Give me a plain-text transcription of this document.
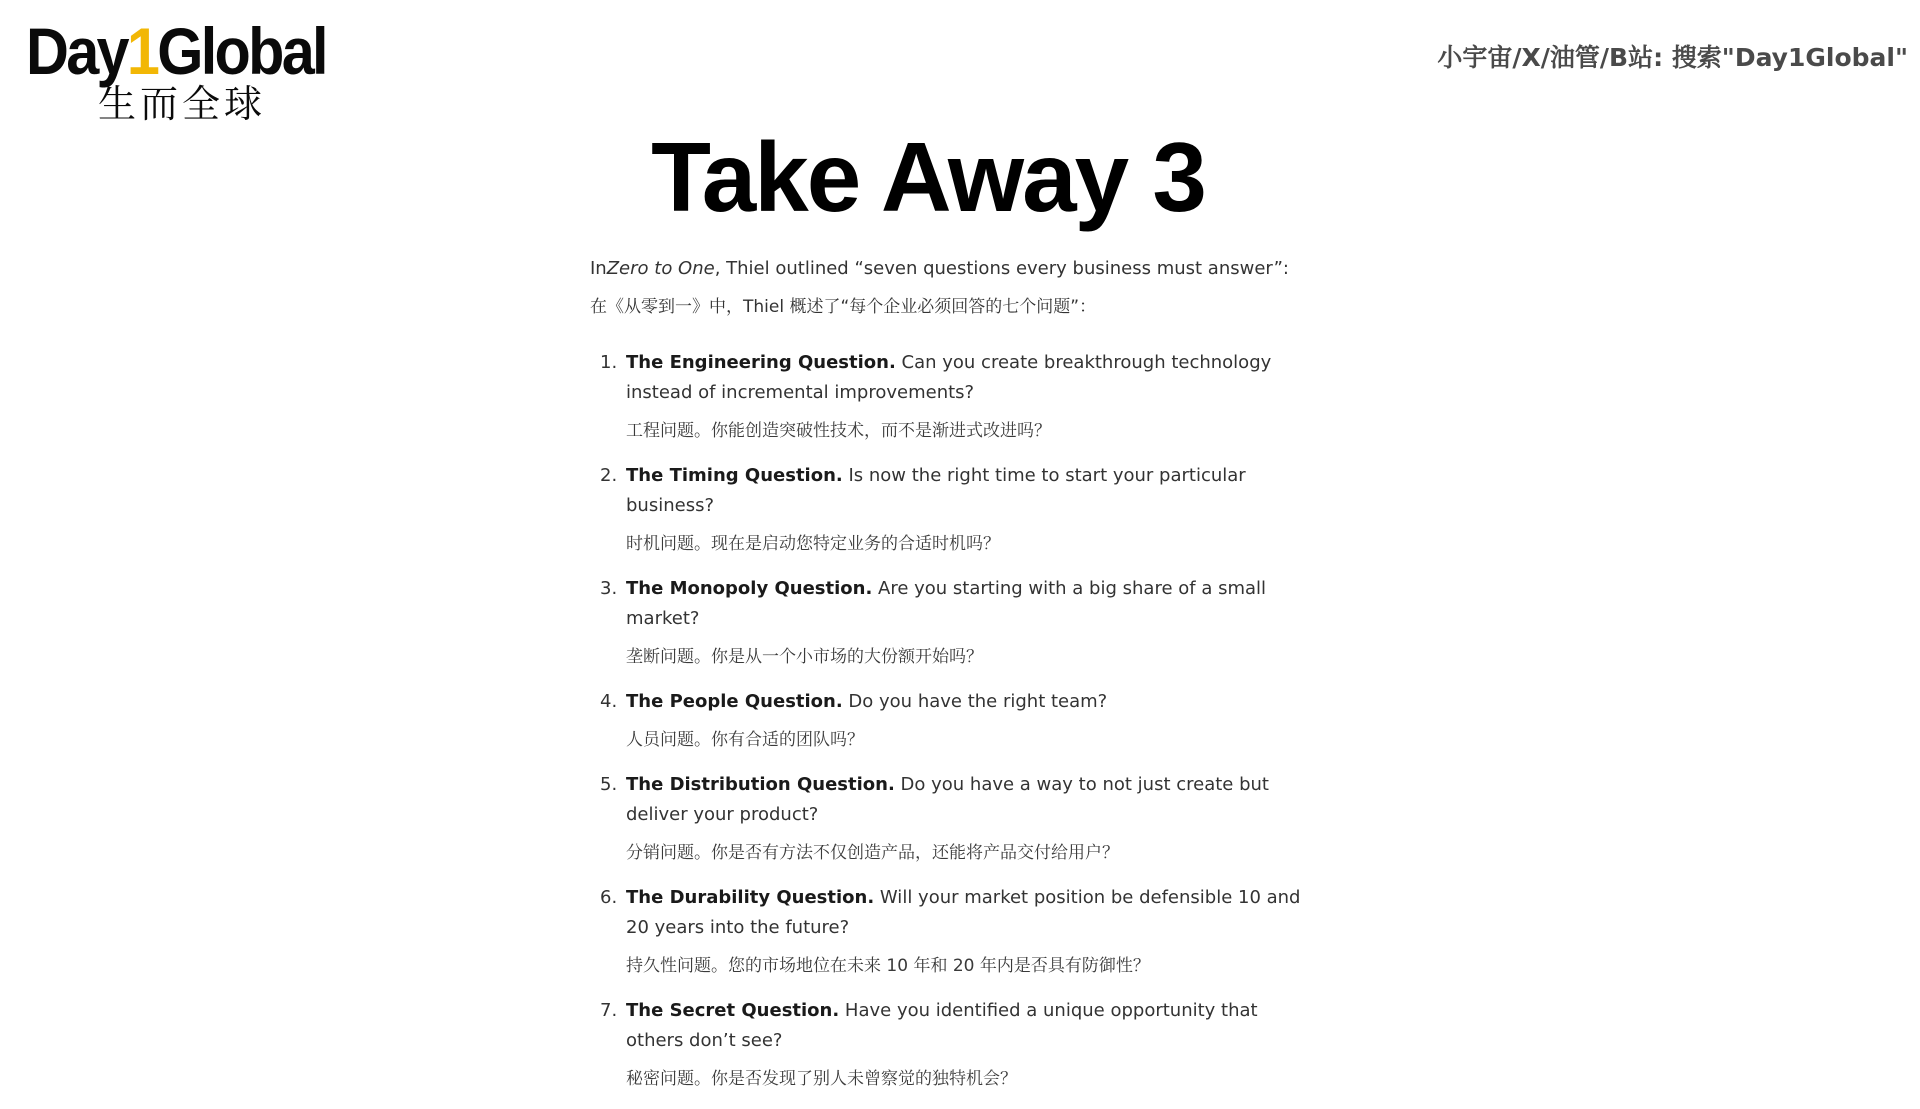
Day1Global
生而全球
小宇宙/X/油管/B站: 搜索"Day1Global"
Take Away 3
InZero to One, Thiel outlined “seven questions every business must answer”:
在《从零到一》中，Thiel 概述了“每个企业必须回答的七个问题”：
1. The Engineering Question. Can you create breakthrough technology instead of incremental improvements?
工程问题。你能创造突破性技术，而不是渐进式改进吗？
2. The Timing Question. Is now the right time to start your particular business?
时机问题。现在是启动您特定业务的合适时机吗？
3. The Monopoly Question. Are you starting with a big share of a small market?
垄断问题。你是从一个小市场的大份额开始吗？
4. The People Question. Do you have the right team?
人员问题。你有合适的团队吗？
5. The Distribution Question. Do you have a way to not just create but deliver your product?
分销问题。你是否有方法不仅创造产品，还能将产品交付给用户？
6. The Durability Question. Will your market position be defensible 10 and 20 years into the future?
持久性问题。您的市场地位在未来 10 年和 20 年内是否具有防御性？
7. The Secret Question. Have you identified a unique opportunity that others don’t see?
秘密问题。你是否发现了别人未曾察觉的独特机会？
